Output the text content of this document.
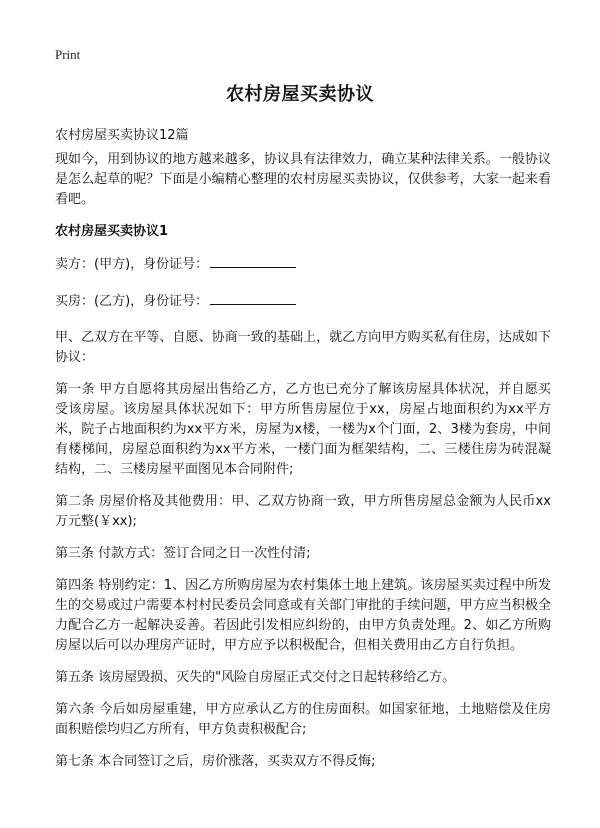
Print
农村房屋买卖协议
农村房屋买卖协议12篇

现如今，用到协议的地方越来越多，协议具有法律效力，确立某种法律关系。一般协议是怎么起草的呢？下面是小编精心整理的农村房屋买卖协议，仅供参考，大家一起来看看吧。

农村房屋买卖协议1
卖方：(甲方)，身份证号：
买房：(乙方)，身份证号：

甲、乙双方在平等、自愿、协商一致的基础上，就乙方向甲方购买私有住房，达成如下协议：

第一条 甲方自愿将其房屋出售给乙方，乙方也已充分了解该房屋具体状况，并自愿买受该房屋。该房屋具体状况如下：甲方所售房屋位于xx，房屋占地面积约为xx平方米，院子占地面积约为xx平方米，房屋为x楼，一楼为x个门面，2、3楼为套房，中间有楼梯间，房屋总面积约为xx平方米，一楼门面为框架结构，二、三楼住房为砖混凝结构，二、三楼房屋平面图见本合同附件;

第二条 房屋价格及其他费用：甲、乙双方协商一致，甲方所售房屋总金额为人民币xx万元整(￥xx);

第三条 付款方式：签订合同之日一次性付清;

第四条 特别约定：1、因乙方所购房屋为农村集体土地上建筑。该房屋买卖过程中所发生的交易或过户需要本村村民委员会同意或有关部门审批的手续问题，甲方应当积极全力配合乙方一起解决妥善。若因此引发相应纠纷的，由甲方负责处理。2、如乙方所购房屋以后可以办理房产证时，甲方应予以积极配合，但相关费用由乙方自行负担。

第五条 该房屋毁损、灭失的"风险自房屋正式交付之日起转移给乙方。

第六条 今后如房屋重建，甲方应承认乙方的住房面积。如国家征地，土地赔偿及住房面积赔偿均归乙方所有，甲方负责积极配合;

第七条 本合同签订之后，房价涨落，买卖双方不得反悔;
